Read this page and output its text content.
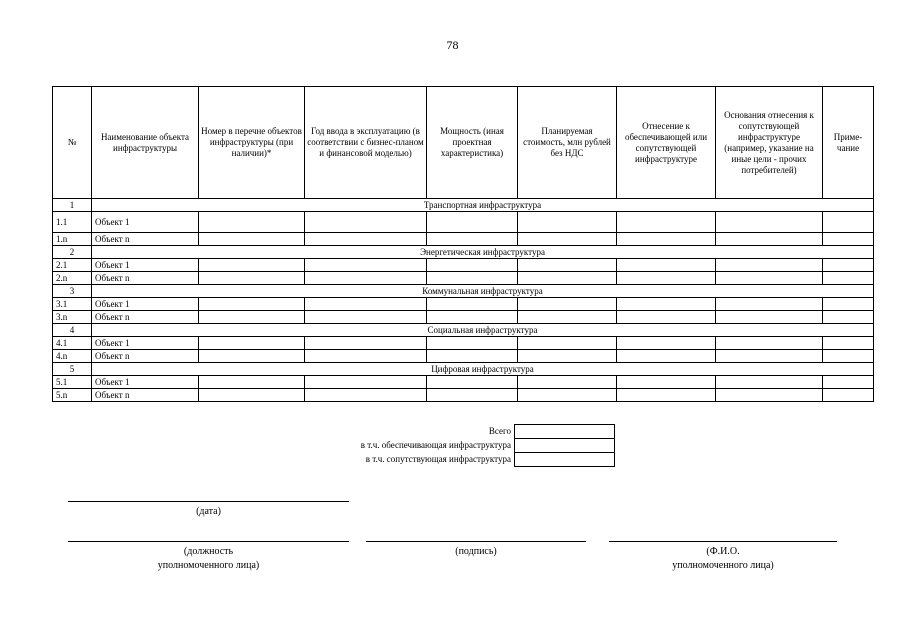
78
№	Наименование объекта инфраструктуры	Номер в перечне объектов инфраструктуры (при наличии)*	Год ввода в эксплуатацию (в соответствии с бизнес-планом и финансовой моделью)	Мощность (иная проектная характеристика)	Планируемая стоимость, млн рублей без НДС	Отнесение к обеспечивающей или сопутствующей инфраструктуре	Основания отнесения к сопутствующей инфраструктуре (например, указание на иные цели - прочих потребителей)	Приме-чание
1	Транспортная инфраструктура							
1.1	Объект 1							
1.n	Объект n							
2	Энергетическая инфраструктура							
2.1	Объект 1							
2.n	Объект n							
3	Коммунальная инфраструктура							
3.1	Объект 1							
3.n	Объект n							
4	Социальная инфраструктура							
4.1	Объект 1							
4.n	Объект n							
5	Цифровая инфраструктура							
5.1	Объект 1							
5.n	Объект n							
Всего	
в т.ч. обеспечивающая инфраструктура	
в т.ч. сопутствующая инфраструктура	
(дата)
(должность
уполномоченного лица)
(подпись)	(Ф.И.О.
уполномоченного лица)
